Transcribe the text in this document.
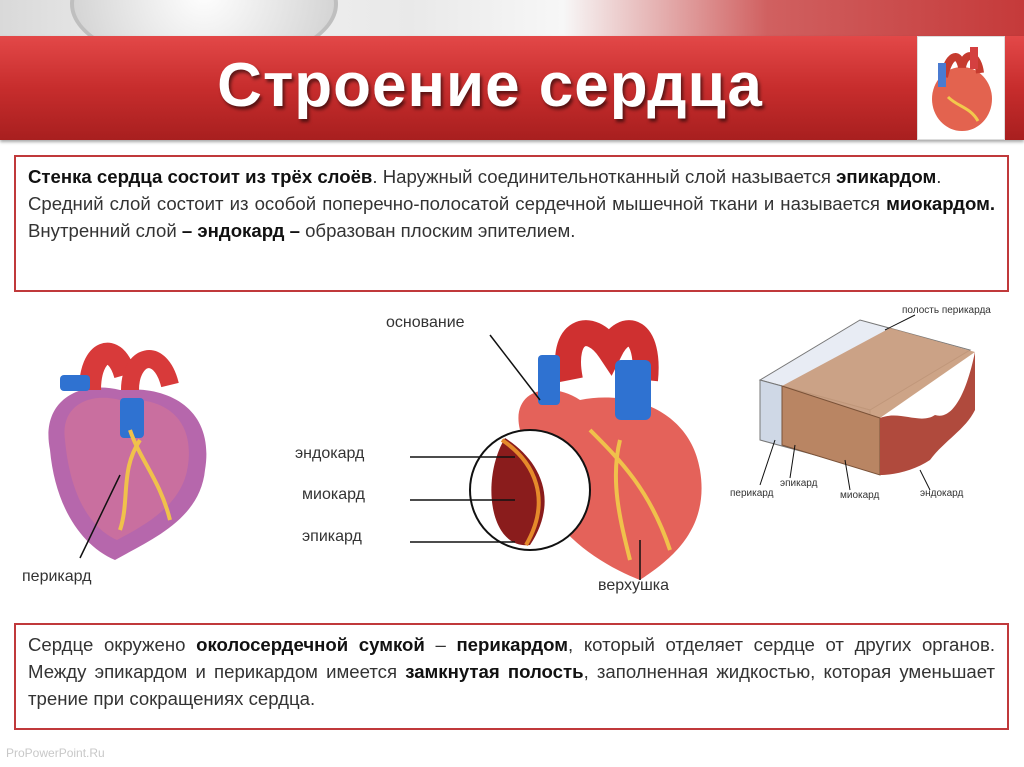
Строение сердца
Стенка сердца состоит из трёх слоёв. Наружный соединительнотканный слой называется эпикардом.
Средний слой состоит из особой поперечно-полосатой сердечной мышечной ткани и называется миокардом. Внутренний слой – эндокард – образован плоским эпителием.
перикард
основание
эндокард
миокард
эпикард
верхушка
полость перикарда
перикард
эпикард
миокард	эндокард
Сердце окружено околосердечной сумкой – перикардом, который отделяет сердце от других органов. Между эпикардом и перикардом имеется замкнутая полость, заполненная жидкостью, которая уменьшает трение при сокращениях сердца.
ProPowerPoint.Ru
